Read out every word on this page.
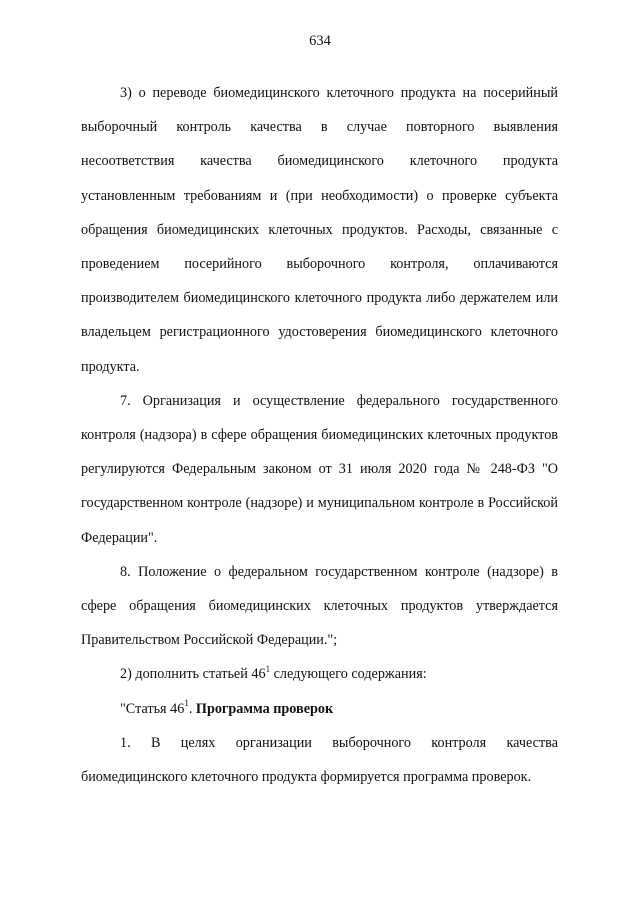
634

3) о переводе биомедицинского клеточного продукта на посерийный выборочный контроль качества в случае повторного выявления несоответствия качества биомедицинского клеточного продукта установленным требованиям и (при необходимости) о проверке субъекта обращения биомедицинских клеточных продуктов. Расходы, связанные с проведением посерийного выборочного контроля, оплачиваются производителем биомедицинского клеточного продукта либо держателем или владельцем регистрационного удостоверения биомедицинского клеточного продукта.

7. Организация и осуществление федерального государственного контроля (надзора) в сфере обращения биомедицинских клеточных продуктов регулируются Федеральным законом от 31 июля 2020 года № 248-ФЗ "О государственном контроле (надзоре) и муниципальном контроле в Российской Федерации".

8. Положение о федеральном государственном контроле (надзоре) в сфере обращения биомедицинских клеточных продуктов утверждается Правительством Российской Федерации.";

2) дополнить статьей $46^1$ следующего содержания:

"Статья $46^1$. Программа проверок

1. В целях организации выборочного контроля качества биомедицинского клеточного продукта формируется программа проверок.
